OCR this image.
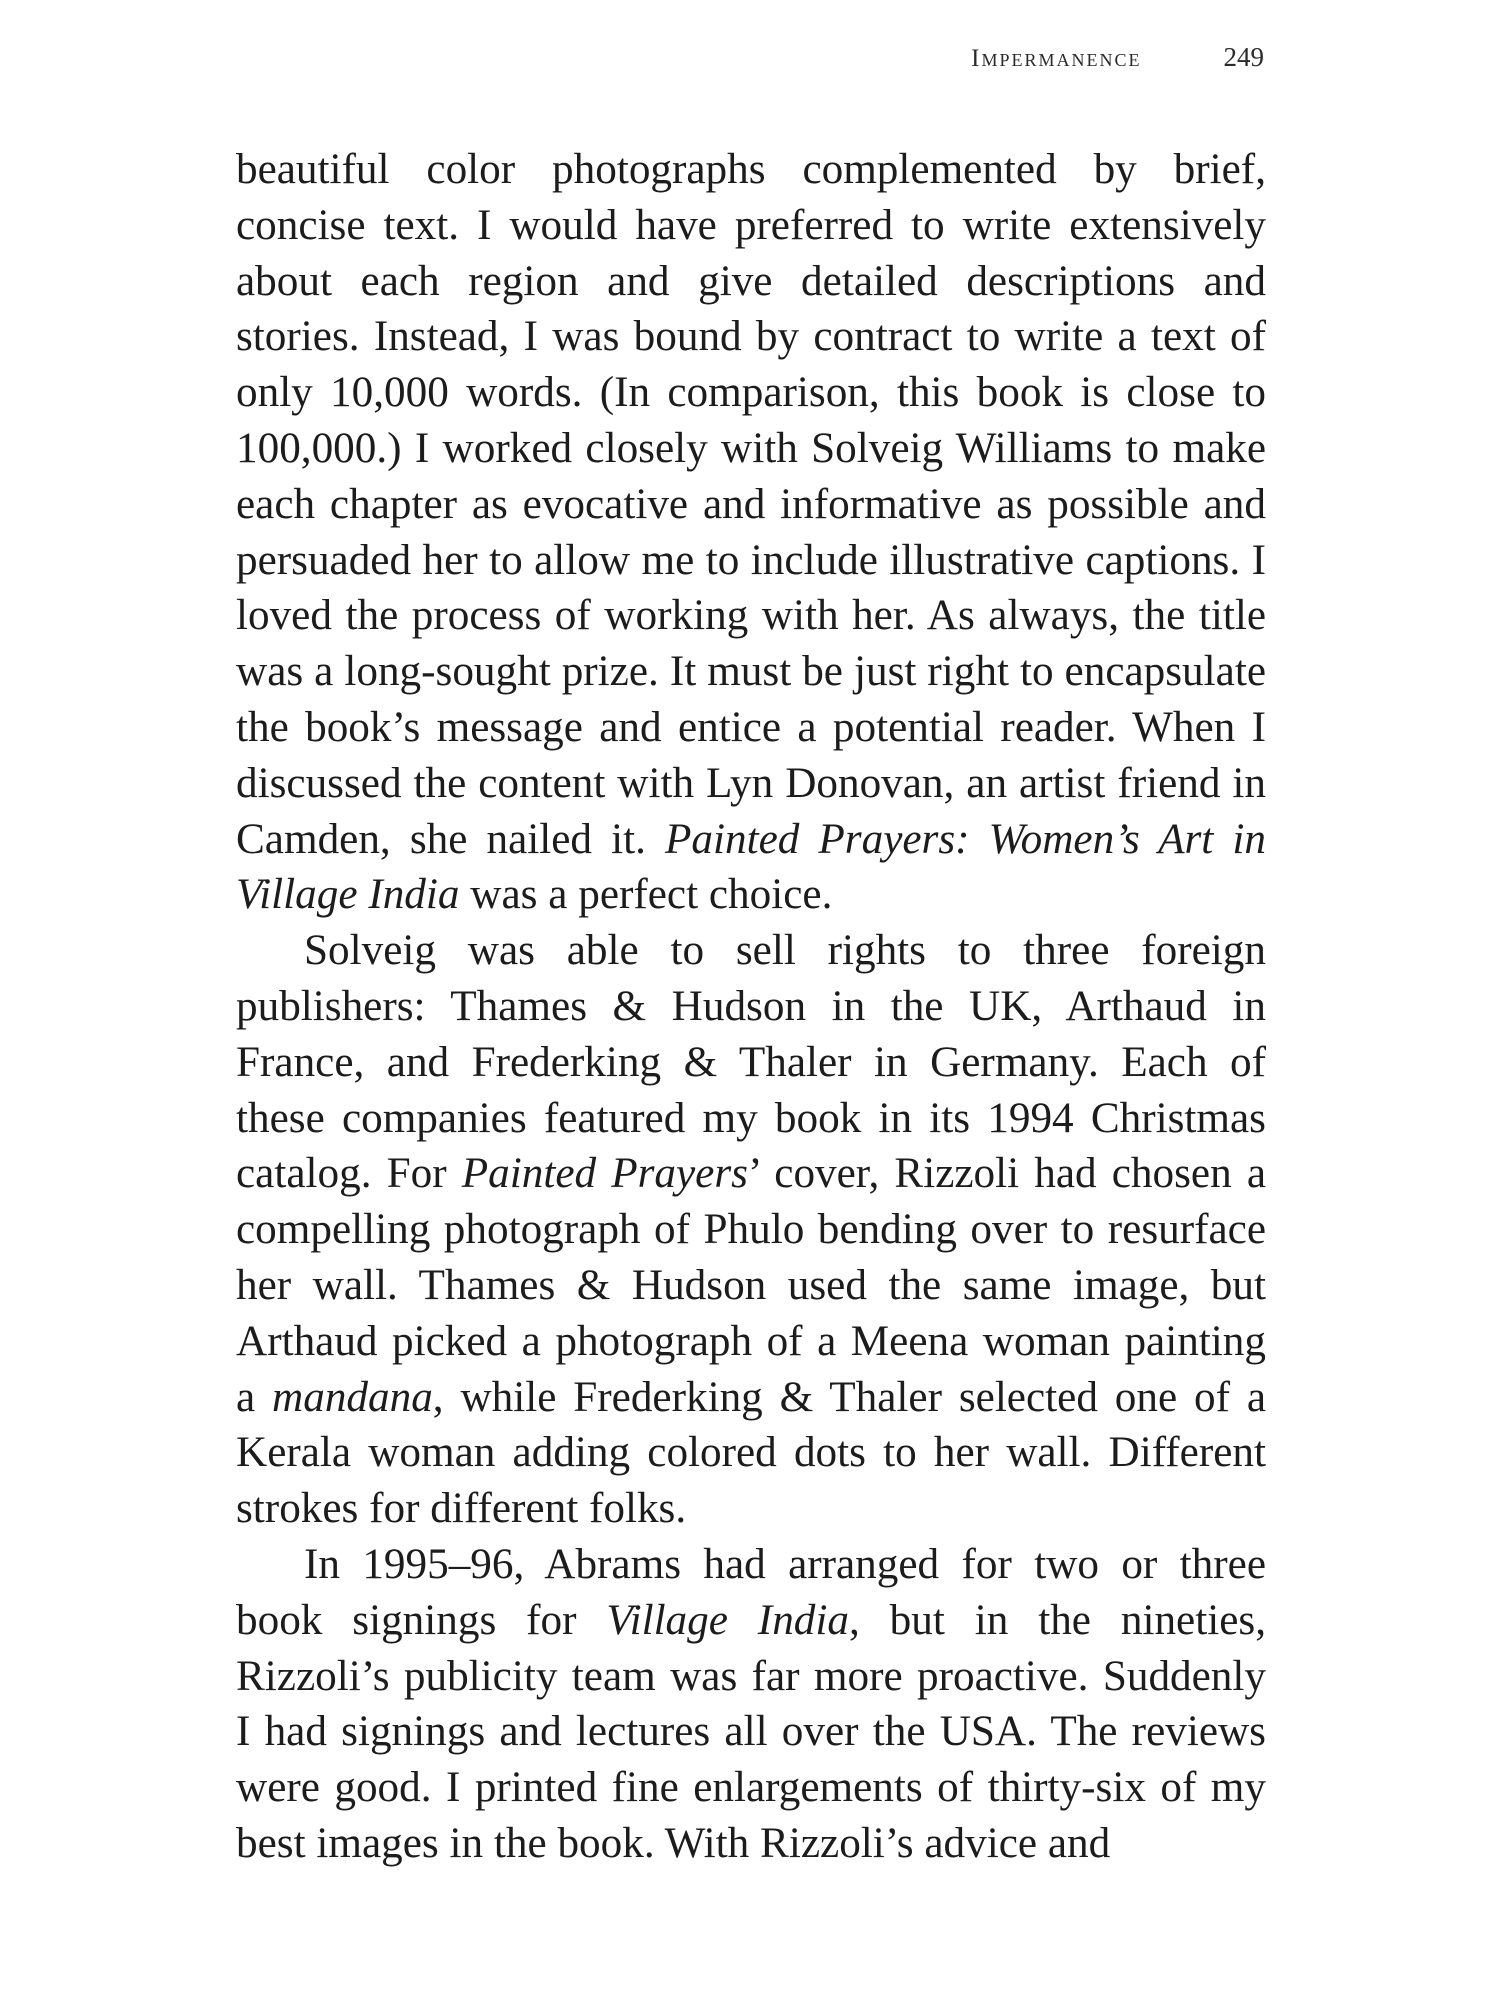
Impermanence	249

beautiful color photographs complemented by brief, concise text. I would have preferred to write extensively about each region and give detailed descriptions and stories. Instead, I was bound by contract to write a text of only 10,000 words. (In comparison, this book is close to 100,000.) I worked closely with Solveig Williams to make each chapter as evocative and informative as possible and persuaded her to allow me to include illustrative captions. I loved the process of working with her. As always, the title was a long-sought prize. It must be just right to encapsulate the book’s message and entice a potential reader. When I discussed the content with Lyn Donovan, an artist friend in Camden, she nailed it. Painted Prayers: Women’s Art in Village India was a perfect choice.

Solveig was able to sell rights to three foreign publishers: Thames & Hudson in the UK, Arthaud in France, and Frederking & Thaler in Germany. Each of these companies featured my book in its 1994 Christmas catalog. For Painted Prayers’ cover, Rizzoli had chosen a compelling photograph of Phulo bending over to resurface her wall. Thames & Hudson used the same image, but Arthaud picked a photograph of a Meena woman painting a mandana, while Frederking & Thaler selected one of a Kerala woman adding colored dots to her wall. Different strokes for different folks.

In 1995–96, Abrams had arranged for two or three book signings for Village India, but in the nineties, Rizzoli’s publicity team was far more proactive. Suddenly I had signings and lectures all over the USA. The reviews were good. I printed fine enlargements of thirty-six of my best images in the book. With Rizzoli’s advice and
